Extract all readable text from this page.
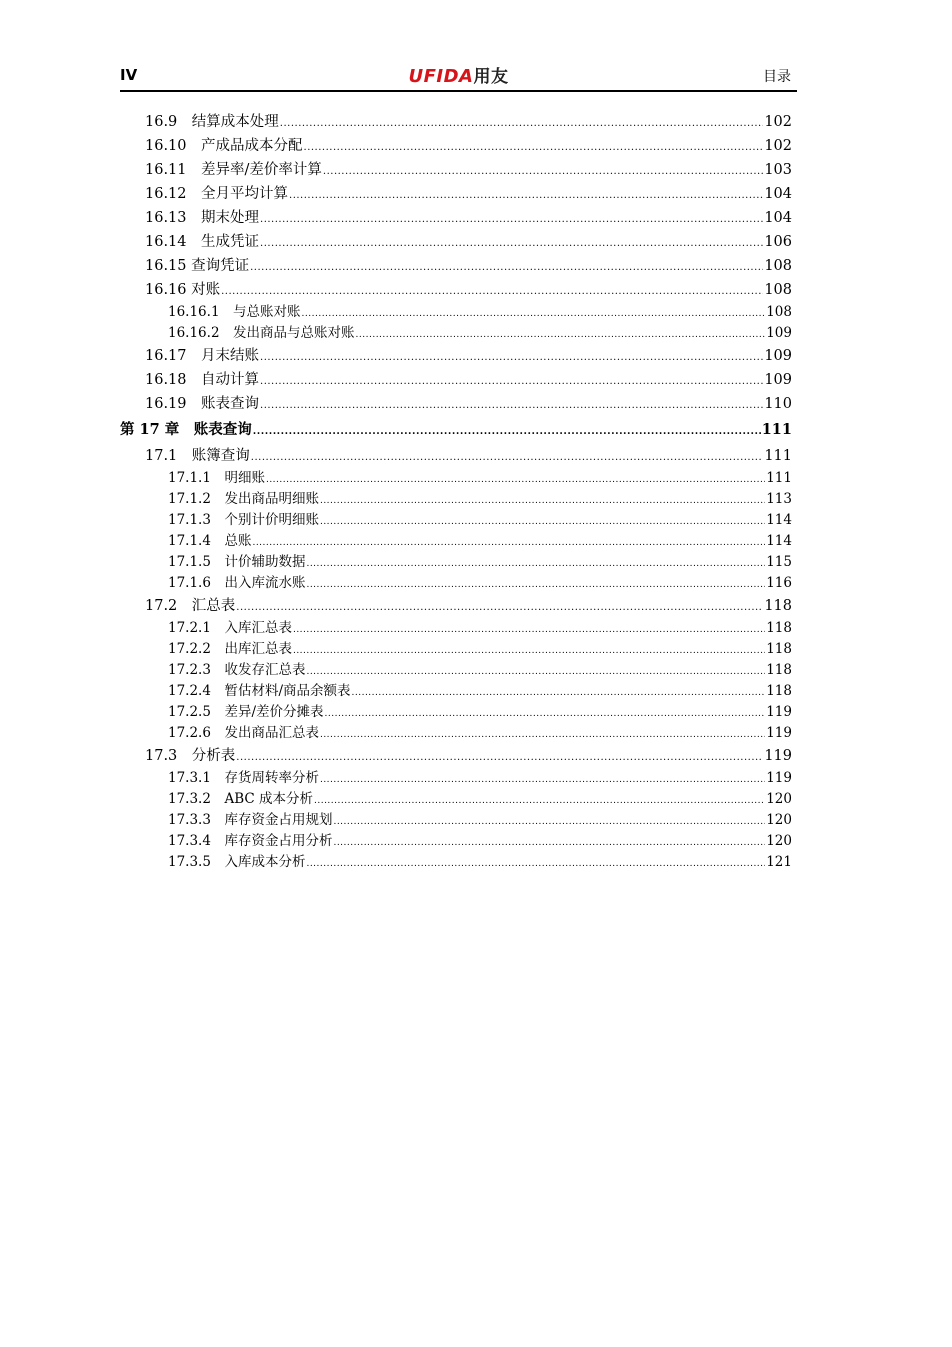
IV	UFIDA用友	目录
16.9　结算成本处理 .....	102
16.10　产成品成本分配 .....	102
16.11　差异率/差价率计算 .....	103
16.12　全月平均计算 .....	104
16.13　期末处理 .....	104
16.14　生成凭证 .....	106
16.15 查询凭证 .....	108
16.16 对账 .....	108
16.16.1　与总账对账 .....	108
16.16.2　发出商品与总账对账 .....	109
16.17　月末结账 .....	109
16.18　自动计算 .....	109
16.19　账表查询 .....	110
第 17 章　账表查询 .....	111
17.1　账簿查询 .....	111
17.1.1　明细账 .....	111
17.1.2　发出商品明细账 .....	113
17.1.3　个别计价明细账 .....	114
17.1.4　总账 .....	114
17.1.5　计价辅助数据 .....	115
17.1.6　出入库流水账 .....	116
17.2　汇总表 .....	118
17.2.1　入库汇总表 .....	118
17.2.2　出库汇总表 .....	118
17.2.3　收发存汇总表 .....	118
17.2.4　暂估材料/商品余额表 .....	118
17.2.5　差异/差价分摊表 .....	119
17.2.6　发出商品汇总表 .....	119
17.3　分析表 .....	119
17.3.1　存货周转率分析 .....	119
17.3.2　ABC 成本分析 .....	120
17.3.3　库存资金占用规划 .....	120
17.3.4　库存资金占用分析 .....	120
17.3.5　入库成本分析 .....	121
